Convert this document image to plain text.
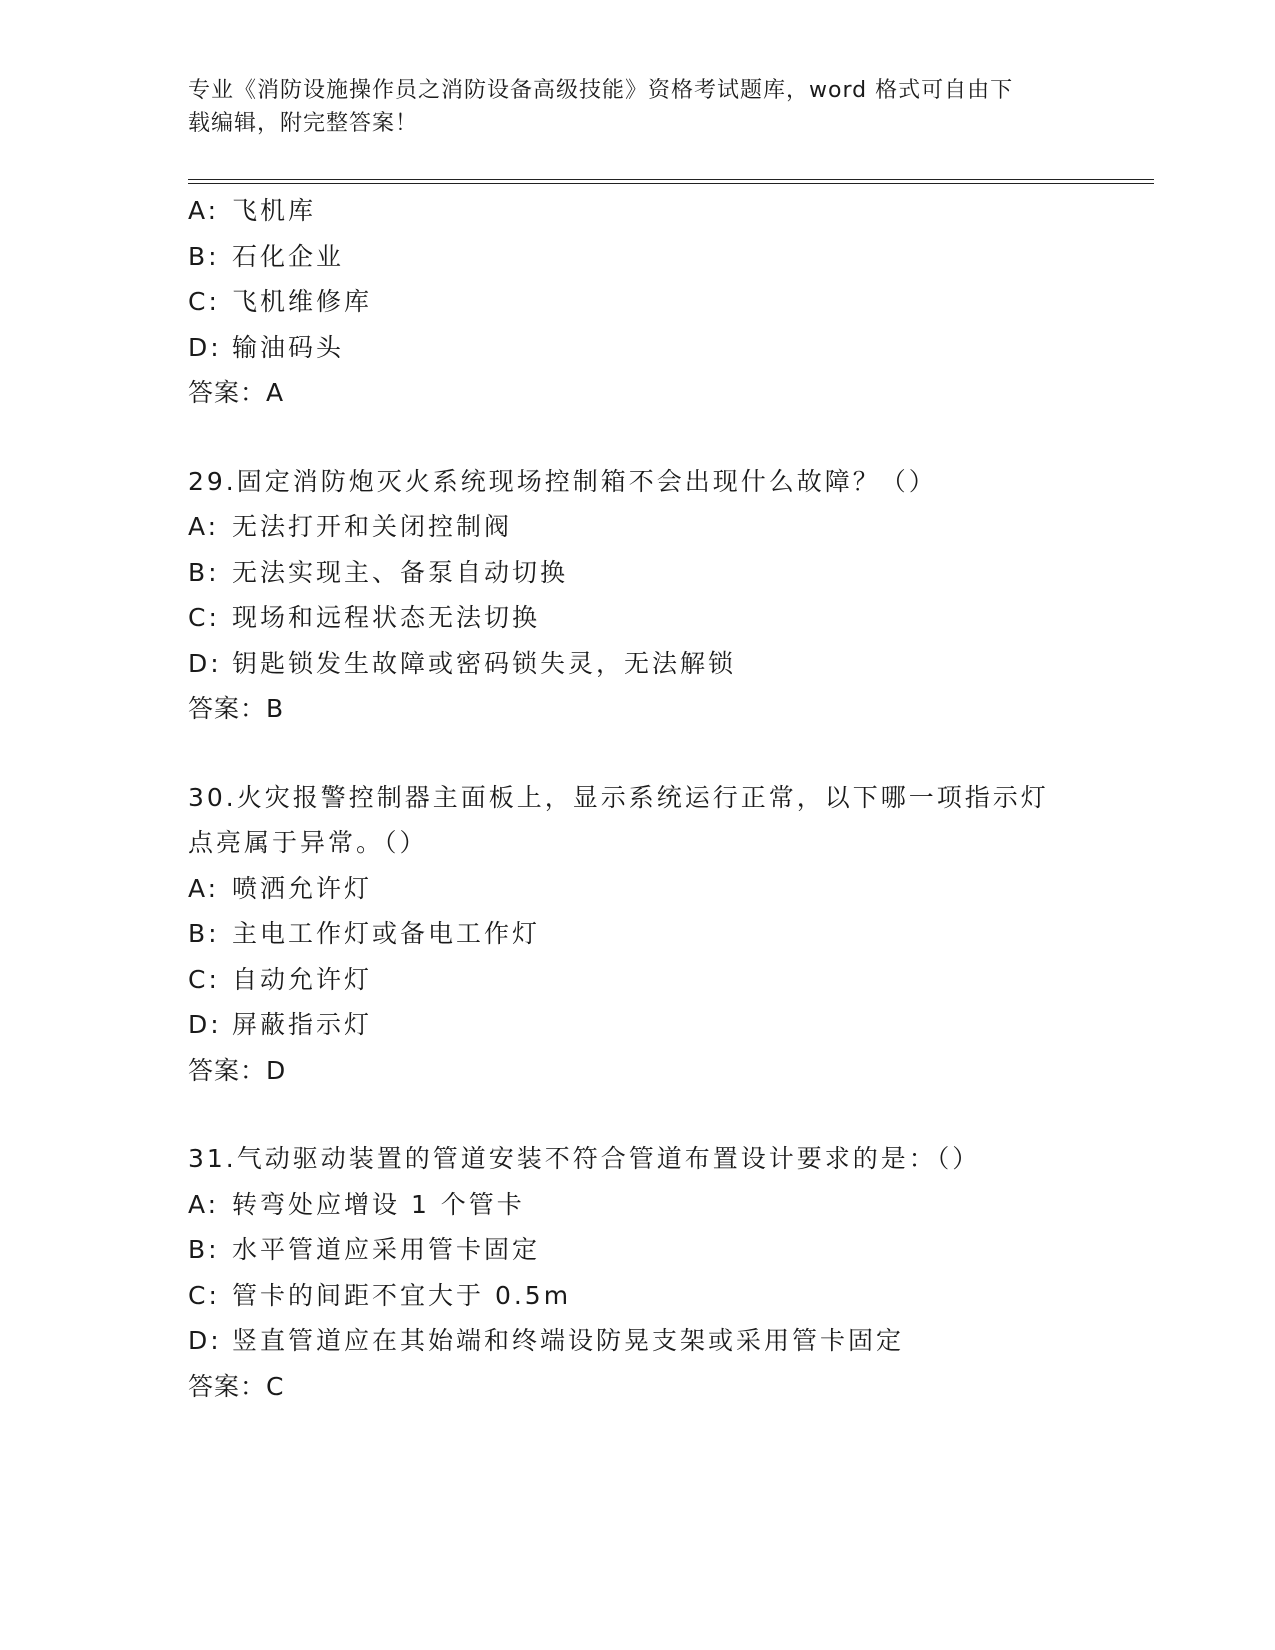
专业《消防设施操作员之消防设备高级技能》资格考试题库，word 格式可自由下

载编辑，附完整答案！

A: 飞机库
B: 石化企业
C: 飞机维修库
D: 输油码头
答案：A
29.固定消防炮灭火系统现场控制箱不会出现什么故障？（）
A: 无法打开和关闭控制阀
B: 无法实现主、备泵自动切换
C: 现场和远程状态无法切换
D: 钥匙锁发生故障或密码锁失灵，无法解锁
答案：B
30.火灾报警控制器主面板上，显示系统运行正常，以下哪一项指示灯
点亮属于异常。（）
A: 喷洒允许灯
B: 主电工作灯或备电工作灯
C: 自动允许灯
D: 屏蔽指示灯
答案：D
31.气动驱动装置的管道安装不符合管道布置设计要求的是：（）
A: 转弯处应增设 1 个管卡
B: 水平管道应采用管卡固定
C: 管卡的间距不宜大于 0.5m
D: 竖直管道应在其始端和终端设防晃支架或采用管卡固定
答案：C
